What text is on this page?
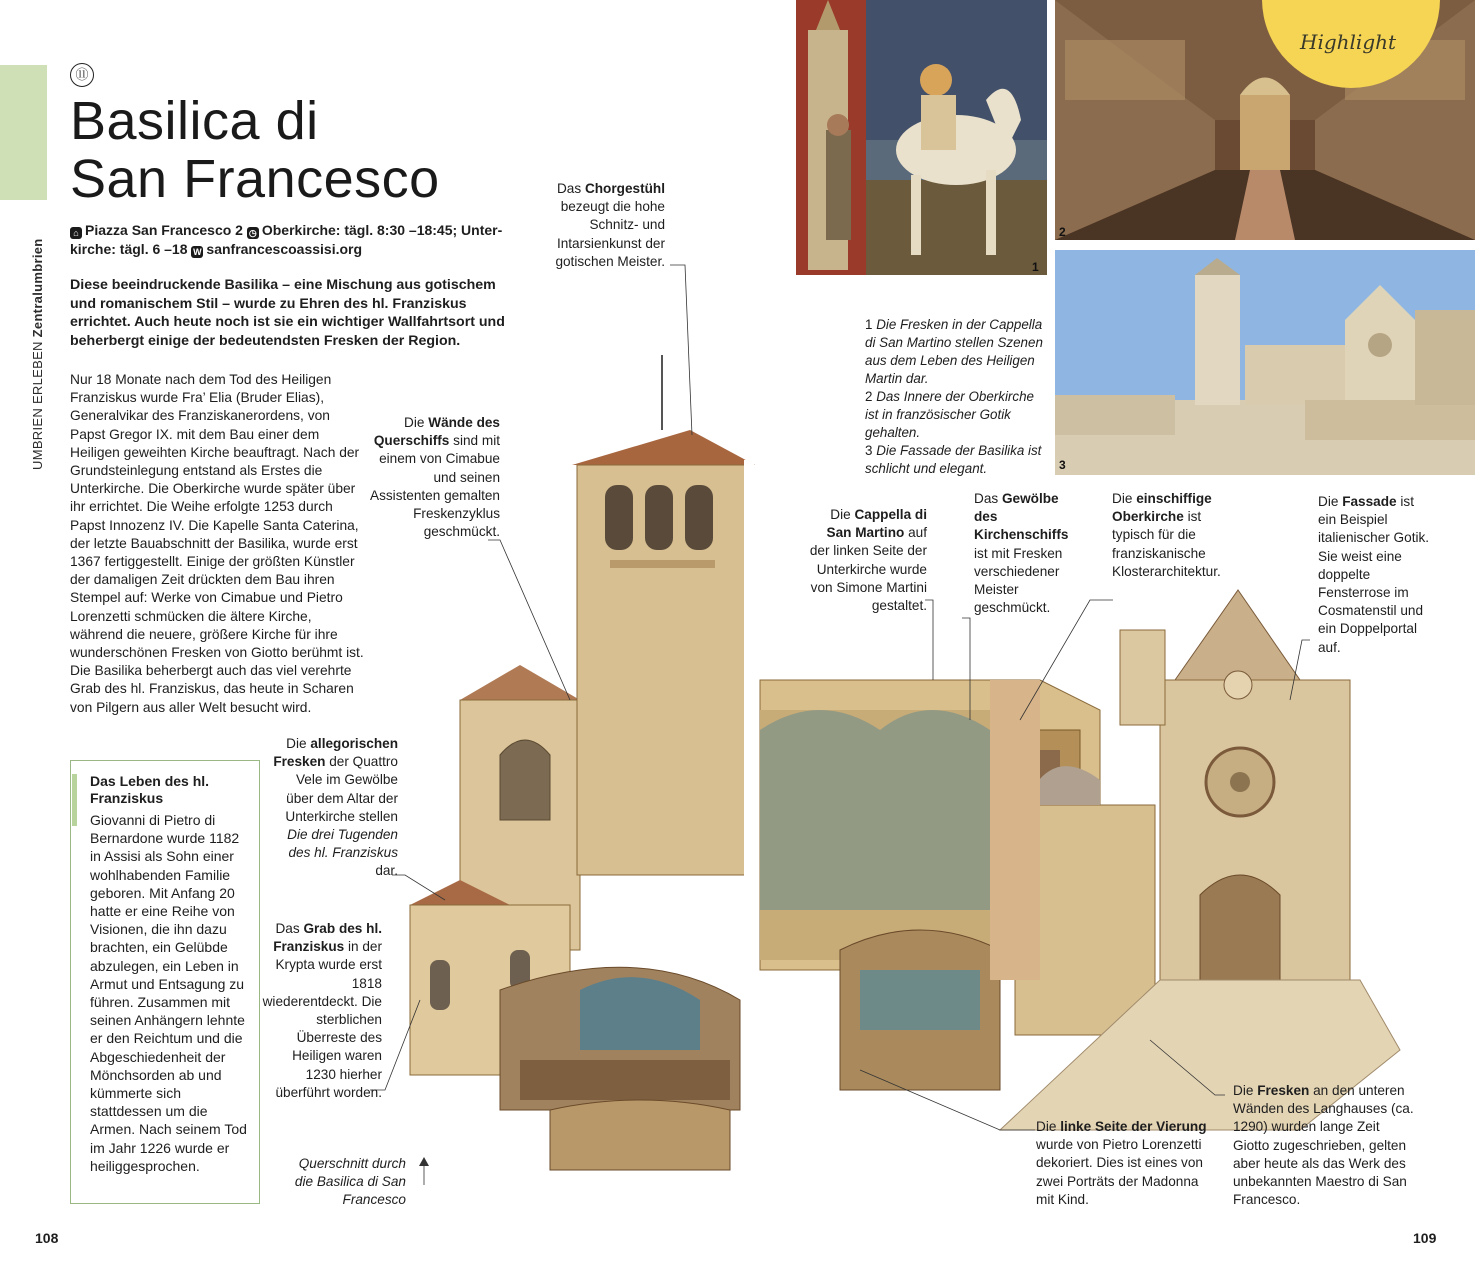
UMBRIEN ERLEBEN Zentralumbrien
⑪
Basilica di
San Francesco
⌂ Piazza San Francesco 2 ◷ Oberkirche: tägl. 8:30 –18:45; Unter-
kirche: tägl. 6 –18 W sanfrancescoassisi.org
Diese beeindruckende Basilika – eine Mischung aus gotischem und romanischem Stil – wurde zu Ehren des hl. Franziskus errichtet. Auch heute noch ist sie ein wichtiger Wallfahrtsort und beherbergt einige der bedeutendsten Fresken der Region.
Nur 18 Monate nach dem Tod des Heiligen Franziskus wurde Fra’ Elia (Bruder Elias), Generalvikar des Franziskanerordens, von Papst Gregor IX. mit dem Bau einer dem Heiligen geweihten Kirche beauftragt. Nach der Grundsteinlegung entstand als Erstes die Unterkirche. Die Oberkirche wurde später über ihr errichtet. Die Weihe erfolgte 1253 durch Papst Innozenz IV. Die Kapelle Santa Caterina, der letzte Bauabschnitt der Basilika, wurde erst 1367 fertiggestellt. Einige der größten Künstler der damaligen Zeit drückten dem Bau ihren Stempel auf: Werke von Cimabue und Pietro Lorenzetti schmücken die ältere Kirche, während die neuere, größere Kirche für ihre wunderschönen Fresken von Giotto berühmt ist. Die Basilika beherbergt auch das viel verehrte Grab des hl. Franziskus, das heute in Scharen von Pilgern aus aller Welt besucht wird.
Das Leben des hl. Franziskus
Giovanni di Pietro di Bernardone wurde 1182 in Assisi als Sohn einer wohlhabenden Familie geboren. Mit Anfang 20 hatte er eine Reihe von Visionen, die ihn dazu brachten, ein Gelübde abzulegen, ein Leben in Armut und Entsagung zu führen. Zusammen mit seinen Anhängern lehnte er den Reichtum und die Abgeschiedenheit der Mönchsorden ab und kümmerte sich stattdessen um die Armen. Nach seinem Tod im Jahr 1226 wurde er heiliggesprochen.
108	109
1
2
Highlight
3
1 Die Fresken in der Cappella di San Martino stellen Szenen aus dem Leben des Heiligen Martin dar.
2 Das Innere der Oberkirche ist in französischer Gotik gehalten.
3 Die Fassade der Basilika ist schlicht und elegant.
Das Chorgestühl bezeugt die hohe Schnitz- und Intarsienkunst der gotischen Meister.
Die Wände des Querschiffs sind mit einem von Cimabue und seinen Assistenten gemalten Freskenzyklus geschmückt.
Die Cappella di San Martino auf der linken Seite der Unterkirche wurde von Simone Martini gestaltet.
Das Gewölbe des Kirchenschiffs ist mit Fresken verschiedener Meister geschmückt.
Die einschiffige Oberkirche ist typisch für die franziskanische Klosterarchitektur.
Die Fassade ist ein Beispiel italienischer Gotik. Sie weist eine doppelte Fensterrose im Cosmatenstil und ein Doppelportal auf.
Die allegorischen Fresken der Quattro Vele im Gewölbe über dem Altar der Unterkirche stellen Die drei Tugenden des hl. Franziskus dar.
Das Grab des hl. Franziskus in der Krypta wurde erst 1818 wiederentdeckt. Die sterblichen Überreste des Heiligen waren 1230 hierher überführt worden.
Die linke Seite der Vierung wurde von Pietro Lorenzetti dekoriert. Dies ist eines von zwei Porträts der Madonna mit Kind.
Die Fresken an den unteren Wänden des Langhauses (ca. 1290) wurden lange Zeit Giotto zugeschrieben, gelten aber heute als das Werk des unbekannten Maestro di San Francesco.
Querschnitt durch die Basilica di San Francesco
